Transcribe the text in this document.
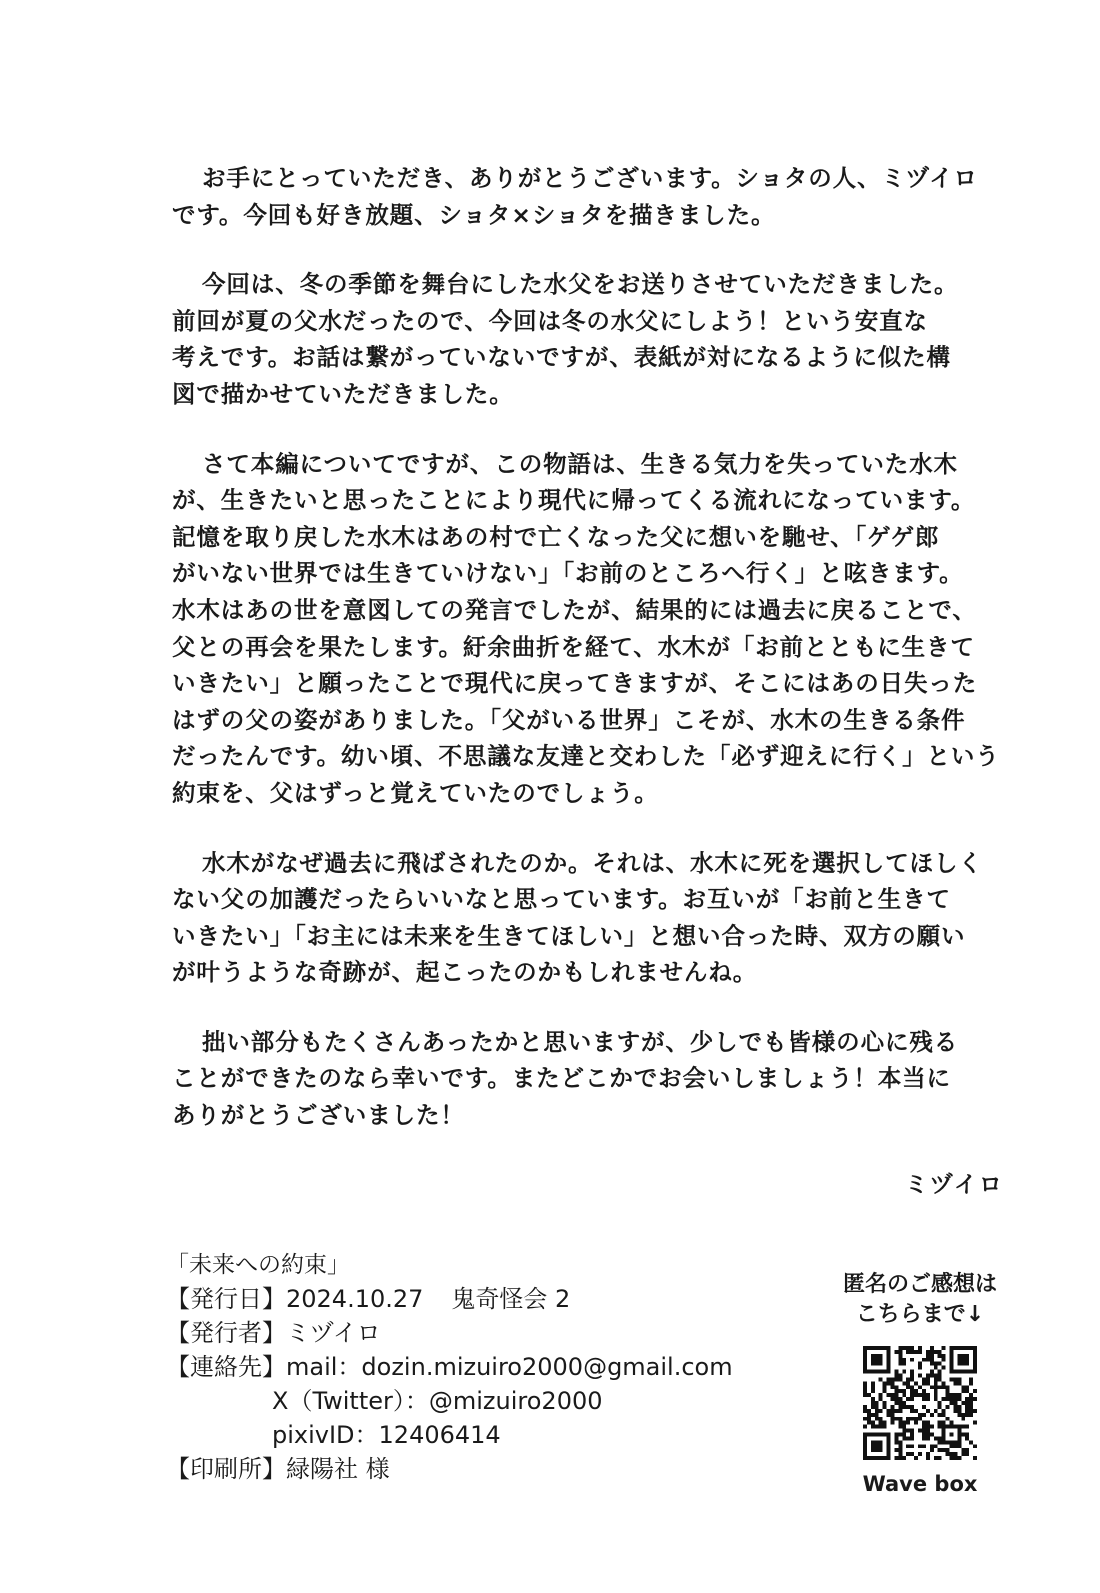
お手にとっていただき、ありがとうございます。ショタの人、ミヅイロ
です。今回も好き放題、ショタ×ショタを描きました。
今回は、冬の季節を舞台にした水父をお送りさせていただきました。
前回が夏の父水だったので、今回は冬の水父にしよう！という安直な
考えです。お話は繋がっていないですが、表紙が対になるように似た構
図で描かせていただきました。
さて本編についてですが、この物語は、生きる気力を失っていた水木
が、生きたいと思ったことにより現代に帰ってくる流れになっています。
記憶を取り戻した水木はあの村で亡くなった父に想いを馳せ、「ゲゲ郎
がいない世界では生きていけない」「お前のところへ行く」と呟きます。
水木はあの世を意図しての発言でしたが、結果的には過去に戻ることで、
父との再会を果たします。紆余曲折を経て、水木が「お前とともに生きて
いきたい」と願ったことで現代に戻ってきますが、そこにはあの日失った
はずの父の姿がありました。「父がいる世界」こそが、水木の生きる条件
だったんです。幼い頃、不思議な友達と交わした「必ず迎えに行く」という
約束を、父はずっと覚えていたのでしょう。
水木がなぜ過去に飛ばされたのか。それは、水木に死を選択してほしく
ない父の加護だったらいいなと思っています。お互いが「お前と生きて
いきたい」「お主には未来を生きてほしい」と想い合った時、双方の願い
が叶うような奇跡が、起こったのかもしれませんね。
拙い部分もたくさんあったかと思いますが、少しでも皆様の心に残る
ことができたのなら幸いです。またどこかでお会いしましょう！本当に
ありがとうございました！
ミヅイロ
「未来への約束」
【発行日】2024.10.27 鬼奇怪会 2
【発行者】ミヅイロ
【連絡先】mail：dozin.mizuiro2000@gmail.com
X（Twitter）：@mizuiro2000
pixivID：12406414
【印刷所】緑陽社 様
匿名のご感想は
こちらまで↓
Wave box
